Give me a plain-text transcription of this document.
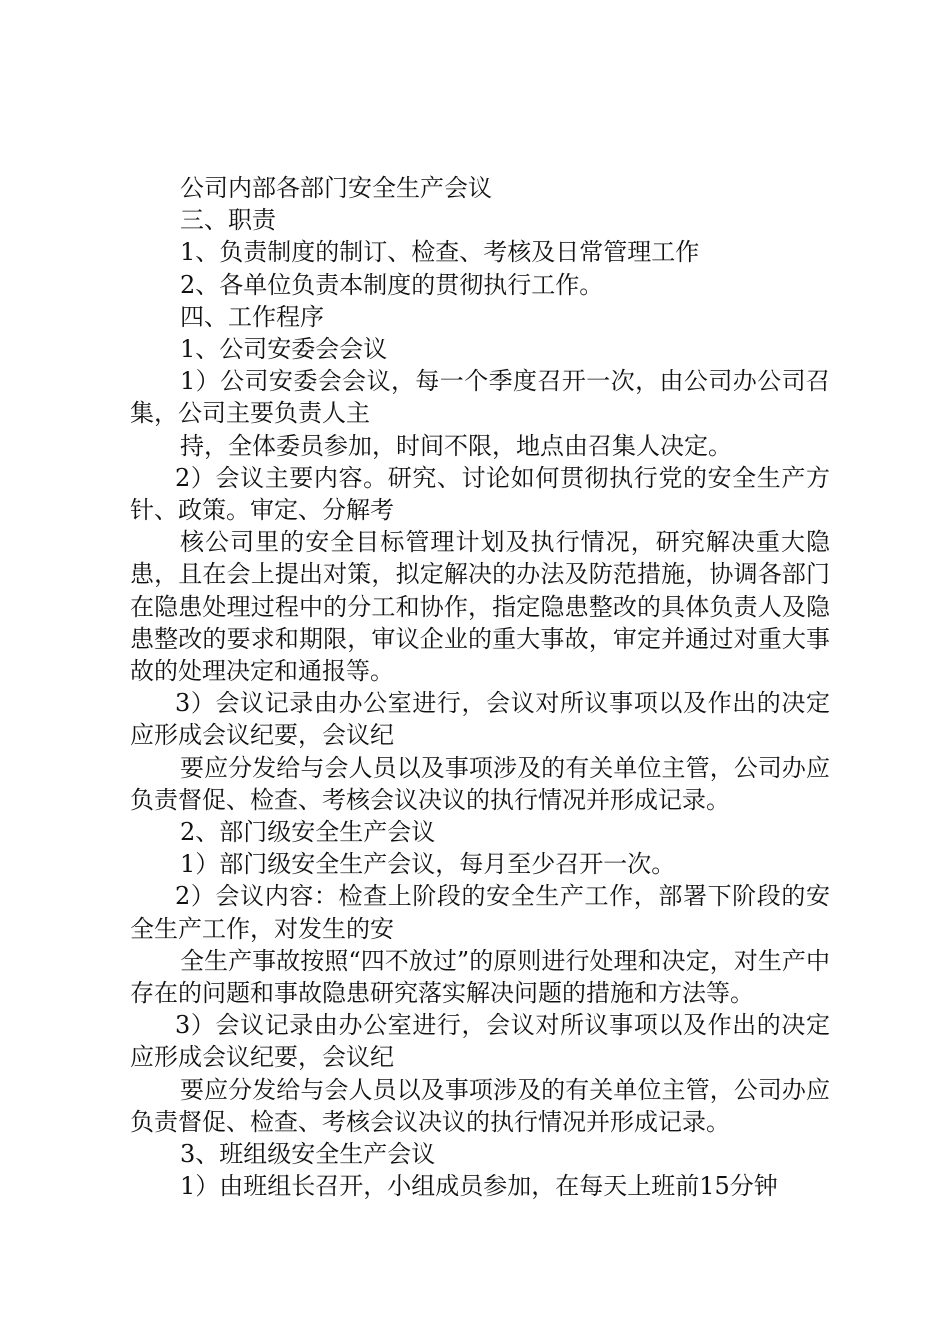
公司内部各部门安全生产会议

三、职责

1、负责制度的制订、检查、考核及日常管理工作

2、各单位负责本制度的贯彻执行工作。

四、工作程序

1、公司安委会会议

1）公司安委会会议，每一个季度召开一次，由公司办公司召集，公司主要负责人主

持，全体委员参加，时间不限，地点由召集人决定。

2）会议主要内容。研究、讨论如何贯彻执行党的安全生产方针、政策。审定、分解考

核公司里的安全目标管理计划及执行情况，研究解决重大隐患，且在会上提出对策，拟定解决的办法及防范措施，协调各部门在隐患处理过程中的分工和协作，指定隐患整改的具体负责人及隐患整改的要求和期限，审议企业的重大事故，审定并通过对重大事故的处理决定和通报等。

3）会议记录由办公室进行，会议对所议事项以及作出的决定应形成会议纪要，会议纪

要应分发给与会人员以及事项涉及的有关单位主管，公司办应负责督促、检查、考核会议决议的执行情况并形成记录。

2、部门级安全生产会议

1）部门级安全生产会议，每月至少召开一次。

2）会议内容：检查上阶段的安全生产工作，部署下阶段的安全生产工作，对发生的安

全生产事故按照“四不放过”的原则进行处理和决定，对生产中存在的问题和事故隐患研究落实解决问题的措施和方法等。

3）会议记录由办公室进行，会议对所议事项以及作出的决定应形成会议纪要，会议纪

要应分发给与会人员以及事项涉及的有关单位主管，公司办应负责督促、检查、考核会议决议的执行情况并形成记录。

3、班组级安全生产会议

1）由班组长召开，小组成员参加，在每天上班前15分钟
